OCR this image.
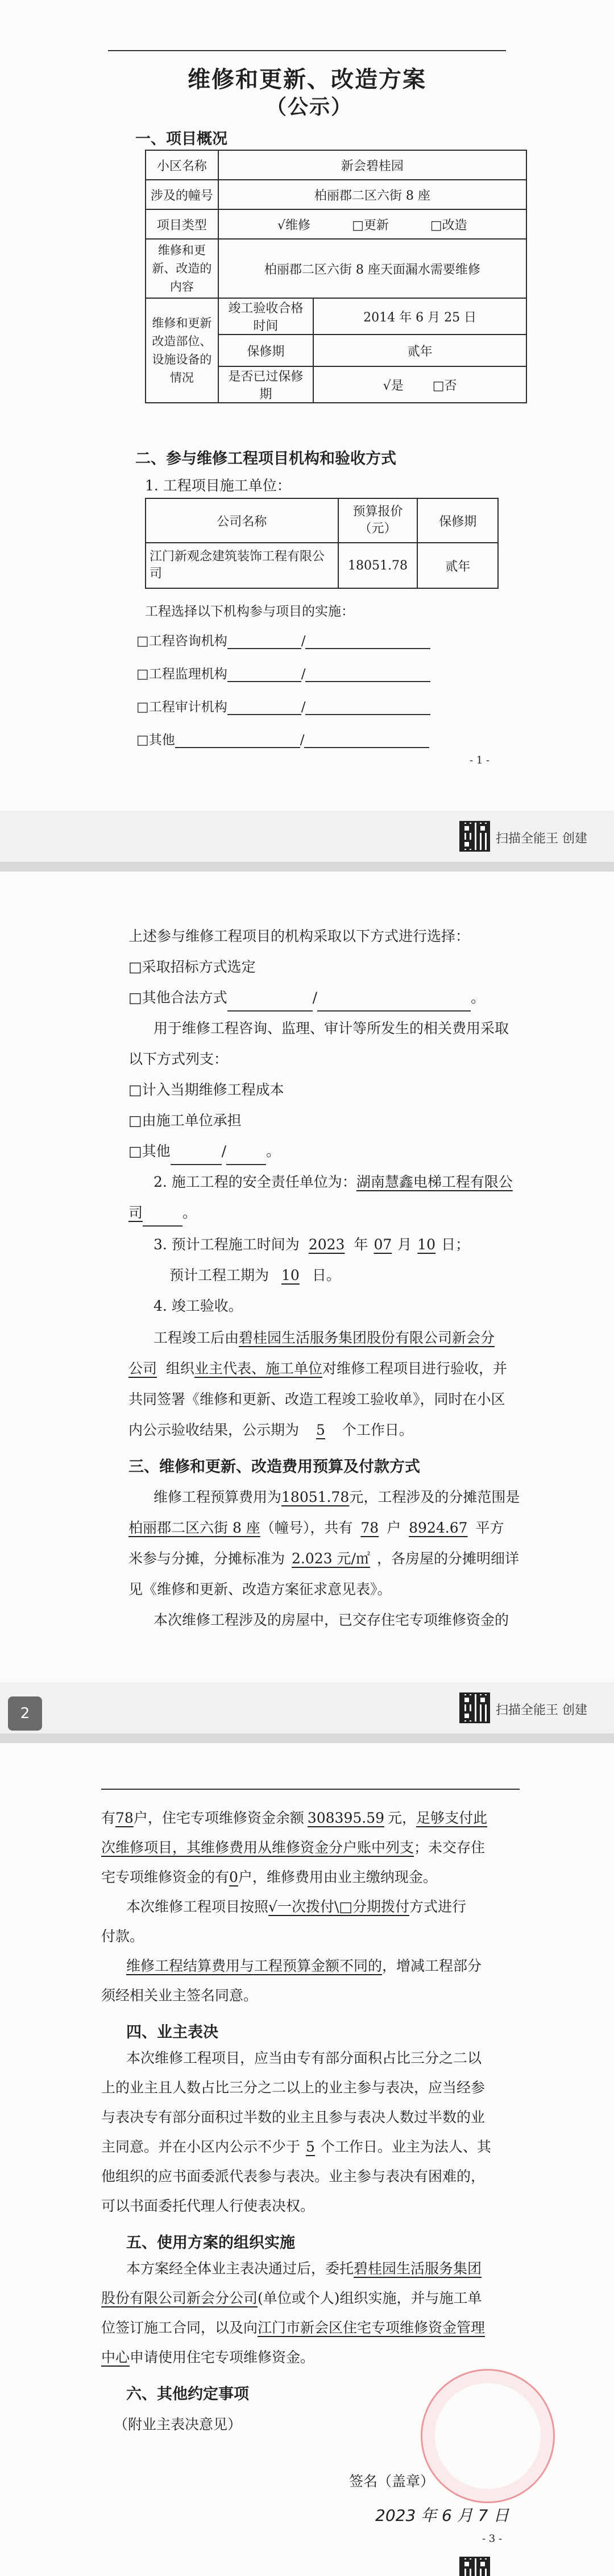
维修和更新、改造方案
（公示）
一、项目概况
小区名称	新会碧桂园	
涉及的幢号	柏丽郡二区六街 8 座	
项目类型	√维修    □更新    □改造	
维修和更新、改造的内容	柏丽郡二区六街 8 座天面漏水需要维修	
维修和更新改造部位、设施设备的情况	竣工验收合格时间	2014 年 6 月 25 日
	保修期	贰年
	是否已过保修期	√是   □否
二、参与维修工程项目机构和验收方式
1. 工程项目施工单位：
公司名称	预算报价（元）	保修期
江门新观念建筑装饰工程有限公司	18051.78	贰年
工程选择以下机构参与项目的实施：
□工程咨询机构	/
□工程监理机构	/
□工程审计机构	/
□其他	/
- 1 -
扫描全能王 创建
上述参与维修工程项目的机构采取以下方式进行选择：
□采取招标方式选定
□其他合法方式	/	。
用于维修工程咨询、监理、审计等所发生的相关费用采取
以下方式列支：
□计入当期维修工程成本
□由施工单位承担
□其他	/	。
2. 施工工程的安全责任单位为：湖南慧鑫电梯工程有限公
司	。
3. 预计工程施工时间为 2023 年 07 月 10 日；
预计工程工期为 10 日。
4. 竣工验收。
工程竣工后由碧桂园生活服务集团股份有限公司新会分
公司 组织业主代表、施工单位对维修工程项目进行验收，并
共同签署《维修和更新、改造工程竣工验收单》，同时在小区
内公示验收结果，公示期为 5 个工作日。
三、维修和更新、改造费用预算及付款方式
维修工程预算费用为18051.78元，工程涉及的分摊范围是
柏丽郡二区六街 8 座（幢号），共有 78 户 8924.67 平方
米参与分摊，分摊标准为 2.023 元/㎡ ，各房屋的分摊明细详
见《维修和更新、改造方案征求意见表》。
本次维修工程涉及的房屋中，已交存住宅专项维修资金的
扫描全能王 创建
2
有78户，住宅专项维修资金余额 308395.59 元，足够支付此
次维修项目，其维修费用从维修资金分户账中列支；未交存住
宅专项维修资金的有0户，维修费用由业主缴纳现金。
本次维修工程项目按照√一次拨付\□分期拨付方式进行
付款。
维修工程结算费用与工程预算金额不同的，增减工程部分
须经相关业主签名同意。
四、业主表决
本次维修工程项目，应当由专有部分面积占比三分之二以
上的业主且人数占比三分之二以上的业主参与表决，应当经参
与表决专有部分面积过半数的业主且参与表决人数过半数的业
主同意。并在小区内公示不少于 5 个工作日。业主为法人、其
他组织的应书面委派代表参与表决。业主参与表决有困难的，
可以书面委托代理人行使表决权。
五、使用方案的组织实施
本方案经全体业主表决通过后，委托碧桂园生活服务集团
股份有限公司新会分公司(单位或个人)组织实施，并与施工单
位签订施工合同，以及向江门市新会区住宅专项维修资金管理
中心申请使用住宅专项维修资金。
六、其他约定事项
（附业主表决意见）
签名（盖章）
2023 年 6 月 7 日
- 3 -
